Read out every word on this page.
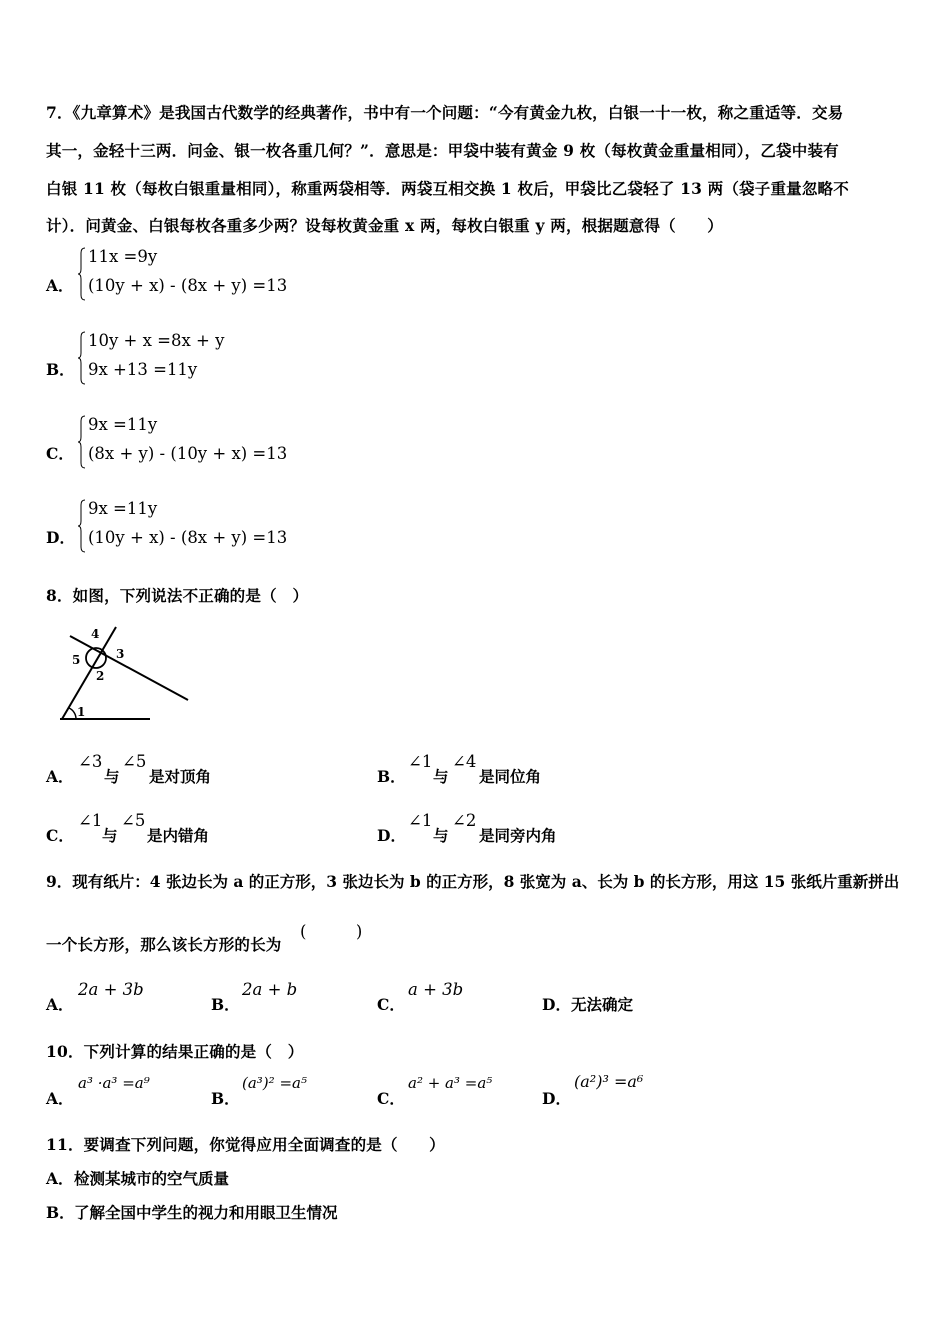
7．《九章算术》是我国古代数学的经典著作，书中有一个问题：“今有黄金九枚，白银一十一枚，称之重适等．交易
其一，金轻十三两．问金、银一枚各重几何？”．意思是：甲袋中装有黄金 9 枚（每枚黄金重量相同），乙袋中装有
白银 11 枚（每枚白银重量相同），称重两袋相等．两袋互相交换 1 枚后，甲袋比乙袋轻了 13 两（袋子重量忽略不
计）．问黄金、白银每枚各重多少两？设每枚黄金重 x 两，每枚白银重 y 两，根据题意得（　　）
A．
11x =9y
(10y + x) - (8x + y) =13
B．
10y + x =8x + y
9x +13 =11y
C．
9x =11y
(8x + y) - (10y + x) =13
D．
9x =11y
(10y + x) - (8x + y) =13
8．如图，下列说法不正确的是（　）
4
5	3
2
1
A．
∠3
与
∠5
是对顶角	B．
∠1
与
∠4
是同位角
C．
∠1
与
∠5
是内错角	D．
∠1
与
∠2
是同旁内角
9．现有纸片：4 张边长为 a 的正方形，3 张边长为 b 的正方形，8 张宽为 a、长为 b 的长方形，用这 15 张纸片重新拼出
一个长方形，那么该长方形的长为
(　　　)
A．
2a + 3b
B．
2a + b
C．
a + 3b
D． 无法确定
10．下列计算的结果正确的是（　）
A．
a³ ·a³ =a⁹
B．
(a³)² =a⁵
C．
a² + a³ =a⁵
D．
(a²)³ =a⁶
11．要调查下列问题，你觉得应用全面调查的是（　　）
A． 检测某城市的空气质量
B． 了解全国中学生的视力和用眼卫生情况
